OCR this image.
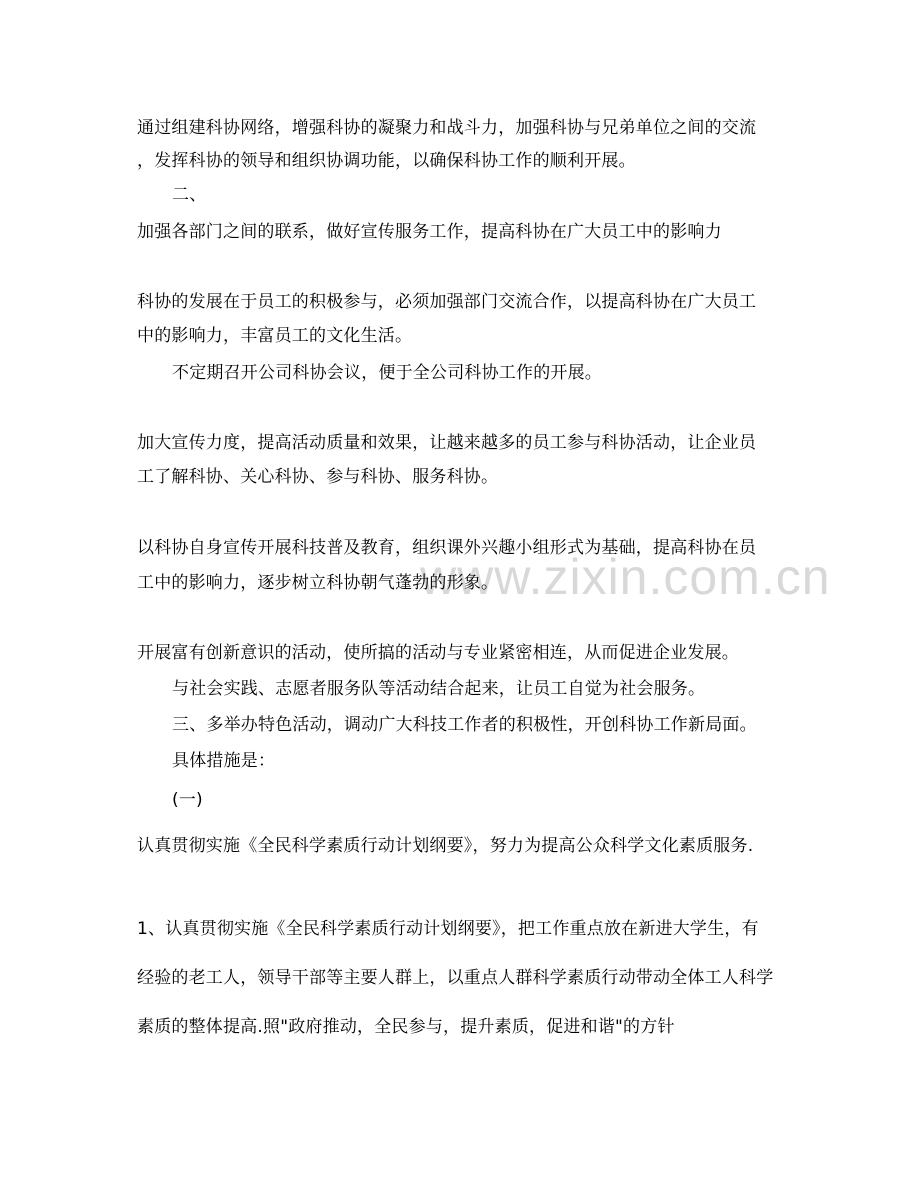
www.zixin.com.cn
通过组建科协网络，增强科协的凝聚力和战斗力，加强科协与兄弟单位之间的交流
，发挥科协的领导和组织协调功能，以确保科协工作的顺利开展。
二、
加强各部门之间的联系，做好宣传服务工作，提高科协在广大员工中的影响力
科协的发展在于员工的积极参与，必须加强部门交流合作，以提高科协在广大员工
中的影响力，丰富员工的文化生活。
不定期召开公司科协会议，便于全公司科协工作的开展。
加大宣传力度，提高活动质量和效果，让越来越多的员工参与科协活动，让企业员
工了解科协、关心科协、参与科协、服务科协。
以科协自身宣传开展科技普及教育，组织课外兴趣小组形式为基础，提高科协在员
工中的影响力，逐步树立科协朝气蓬勃的形象。
开展富有创新意识的活动，使所搞的活动与专业紧密相连，从而促进企业发展。
与社会实践、志愿者服务队等活动结合起来，让员工自觉为社会服务。
三、多举办特色活动，调动广大科技工作者的积极性，开创科协工作新局面。
具体措施是：
(一)
认真贯彻实施《全民科学素质行动计划纲要》，努力为提高公众科学文化素质服务.
1、认真贯彻实施《全民科学素质行动计划纲要》，把工作重点放在新进大学生，有
经验的老工人，领导干部等主要人群上，以重点人群科学素质行动带动全体工人科学
素质的整体提高.照"政府推动，全民参与，提升素质，促进和谐"的方针
